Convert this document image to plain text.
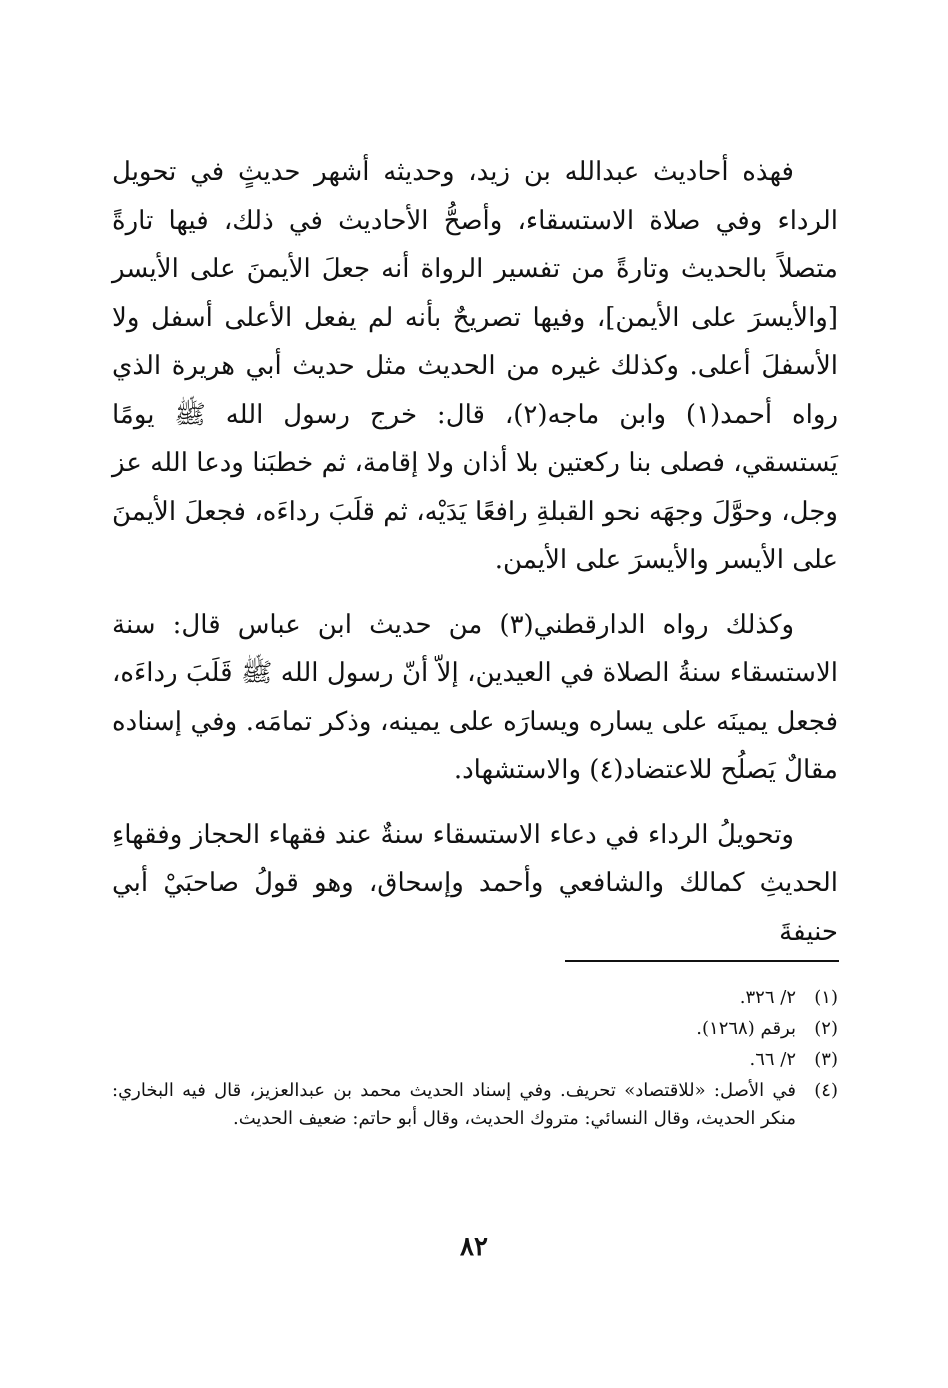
فهذه أحاديث عبدالله بن زيد، وحديثه أشهر حديثٍ في تحويل الرداء وفي صلاة الاستسقاء، وأصحُّ الأحاديث في ذلك، فيها تارةً متصلاً بالحديث وتارةً من تفسير الرواة أنه جعلَ الأيمنَ على الأيسر [والأيسرَ على الأيمن]، وفيها تصريحٌ بأنه لم يفعل الأعلى أسفل ولا الأسفلَ أعلى. وكذلك غيره من الحديث مثل حديث أبي هريرة الذي رواه أحمد(١) وابن ماجه(٢)، قال: خرج رسول الله ﷺ يومًا يَستسقي، فصلى بنا ركعتين بلا أذان ولا إقامة، ثم خطبَنا ودعا الله عز وجل، وحوَّلَ وجهَه نحو القبلةِ رافعًا يَدَيْه، ثم قلَبَ رداءَه، فجعلَ الأيمنَ على الأيسر والأيسرَ على الأيمن.

وكذلك رواه الدارقطني(٣) من حديث ابن عباس قال: سنة الاستسقاء سنةُ الصلاة في العيدين، إلاّ أنّ رسول الله ﷺ قَلَبَ رداءَه، فجعل يمينَه على يساره ويسارَه على يمينه، وذكر تمامَه. وفي إسناده مقالٌ يَصلُح للاعتضاد(٤) والاستشهاد.

وتحويلُ الرداء في دعاء الاستسقاء سنةٌ عند فقهاء الحجاز وفقهاءِ الحديثِ كمالك والشافعي وأحمد وإسحاق، وهو قولُ صاحبَيْ أبي حنيفةَ

(١)
٢/ ٣٢٦.
(٢)
برقم (١٢٦٨).
(٣)
٢/ ٦٦.
(٤)
في الأصل: «للاقتصاد» تحريف. وفي إسناد الحديث محمد بن عبدالعزيز، قال فيه البخاري: منكر الحديث، وقال النسائي: متروك الحديث، وقال أبو حاتم: ضعيف الحديث.
٨٢
